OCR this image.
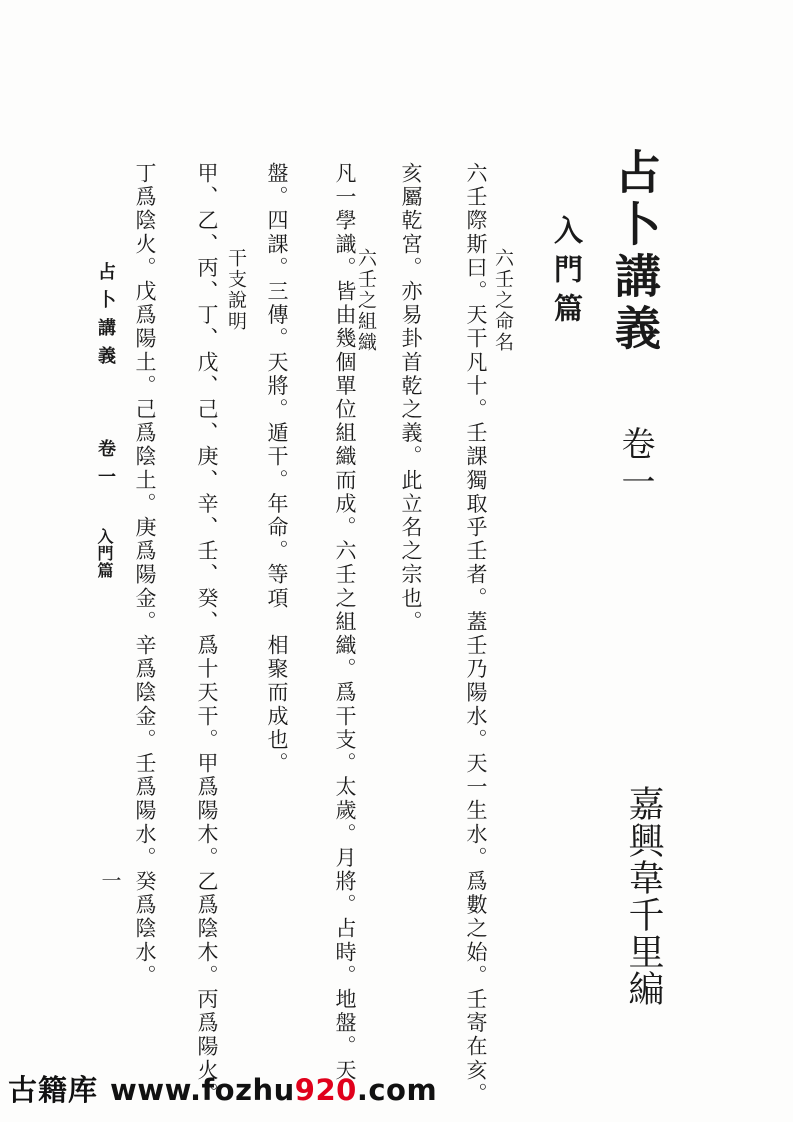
占卜講義 卷一
嘉興韋千里編
入門篇
六壬之命名
六壬際斯曰。天干凡十。壬課獨取乎壬者。蓋壬乃陽水。天一生水。爲數之始。壬寄在亥。
亥屬乾宮。亦易卦首乾之義。此立名之宗也。
六壬之組織
凡一學識。皆由幾個單位組織而成。六壬之組織。爲干支。太歲。月將。占時。地盤。天
盤。四課。三傳。天將。遁干。年命。等項　相聚而成也。
干支說明
甲、乙、丙、丁、戊、己、庚、辛、壬、癸、爲十天干。甲爲陽木。乙爲陰木。丙爲陽火。
丁爲陰火。戊爲陽土。己爲陰土。庚爲陽金。辛爲陰金。壬爲陽水。癸爲陰水。
占卜講義 卷一
入門篇
一
古籍库 www.fozhu920.com
